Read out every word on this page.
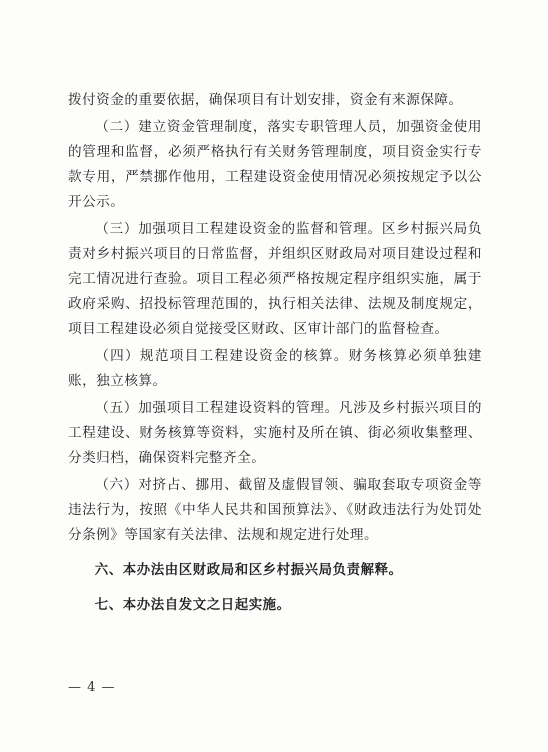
拨付资金的重要依据，确保项目有计划安排，资金有来源保障。

（二）建立资金管理制度，落实专职管理人员，加强资金使用的管理和监督，必须严格执行有关财务管理制度，项目资金实行专款专用，严禁挪作他用，工程建设资金使用情况必须按规定予以公开公示。

（三）加强项目工程建设资金的监督和管理。区乡村振兴局负责对乡村振兴项目的日常监督，并组织区财政局对项目建设过程和完工情况进行查验。项目工程必须严格按规定程序组织实施，属于政府采购、招投标管理范围的，执行相关法律、法规及制度规定，项目工程建设必须自觉接受区财政、区审计部门的监督检查。

（四）规范项目工程建设资金的核算。财务核算必须单独建账，独立核算。

（五）加强项目工程建设资料的管理。凡涉及乡村振兴项目的工程建设、财务核算等资料，实施村及所在镇、街必须收集整理、分类归档，确保资料完整齐全。

（六）对挤占、挪用、截留及虚假冒领、骗取套取专项资金等违法行为，按照《中华人民共和国预算法》、《财政违法行为处罚处分条例》等国家有关法律、法规和规定进行处理。

六、本办法由区财政局和区乡村振兴局负责解释。

七、本办法自发文之日起实施。

— 4 —
